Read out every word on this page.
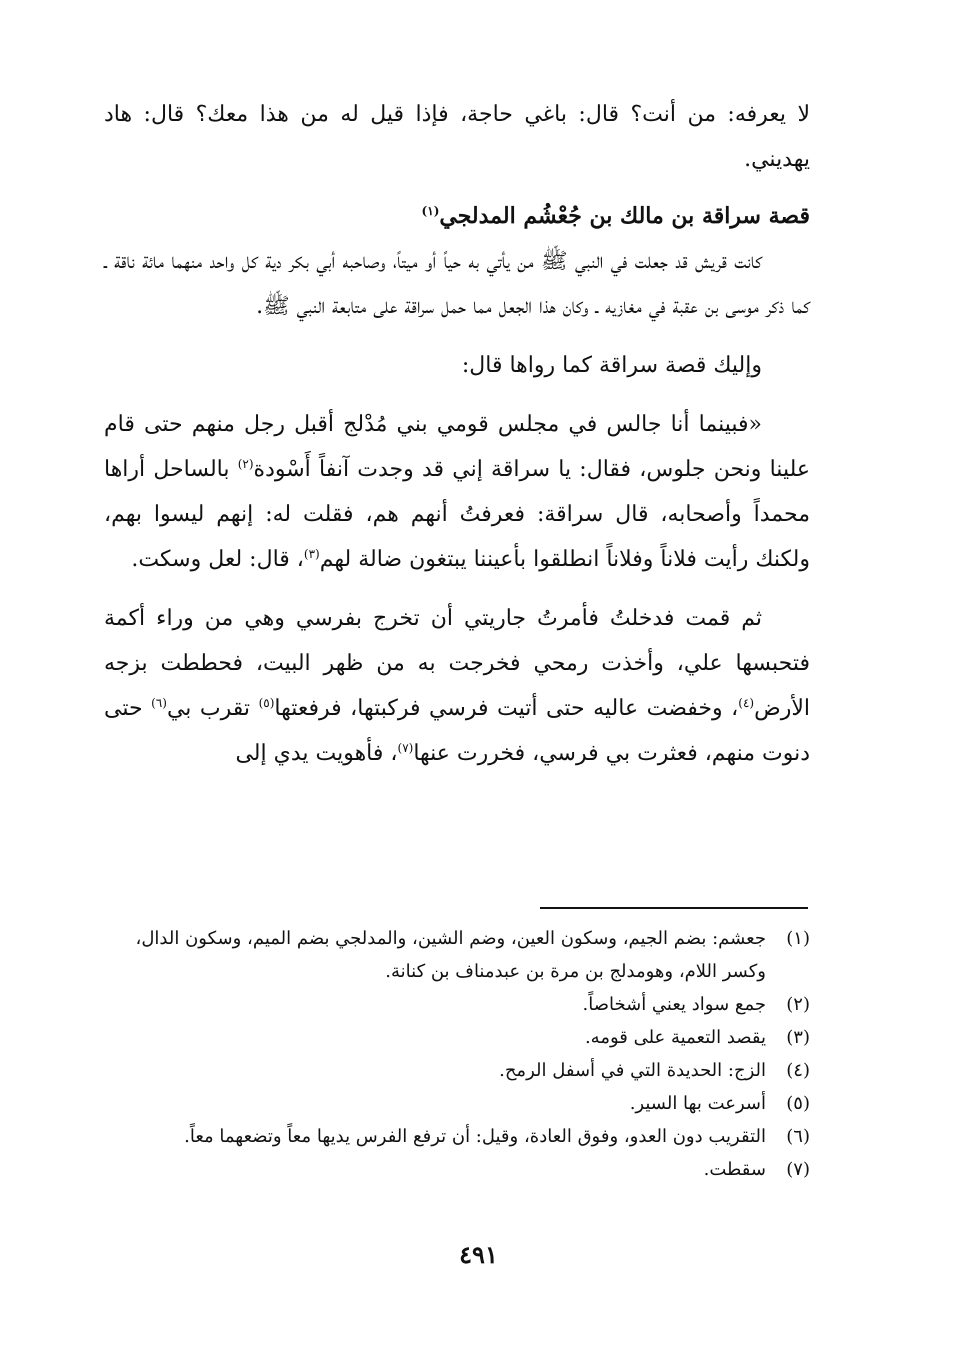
لا يعرفه: من أنت؟ قال: باغي حاجة، فإذا قيل له من هذا معك؟ قال: هاد يهديني.

قصة سراقة بن مالك بن جُعْشُم المدلجي$^{(١)}$

كانت قريش قد جعلت في النبي ﷺ من يأتي به حياً أو ميتاً، وصاحبه أبي بكر دية كل واحد منهما مائة ناقة ـ كما ذكر موسى بن عقبة في مغازيه ـ وكان هذا الجعل مما حمل سراقة على متابعة النبي ﷺ.

وإليك قصة سراقة كما رواها قال:

«فبينما أنا جالس في مجلس قومي بني مُدْلج أقبل رجل منهم حتى قام علينا ونحن جلوس، فقال: يا سراقة إني قد وجدت آنفاً أَسْودة$^{(٢)}$ بالساحل أراها محمداً وأصحابه، قال سراقة: فعرفتُ أنهم هم، فقلت له: إنهم ليسوا بهم، ولكنك رأيت فلاناً وفلاناً انطلقوا بأعيننا يبتغون ضالة لهم$^{(٣)}$، قال: لعل وسكت.

ثم قمت فدخلتُ فأمرتُ جاريتي أن تخرج بفرسي وهي من وراء أكمة فتحبسها علي، وأخذت رمحي فخرجت به من ظهر البيت، فحططت بزجه الأرض$^{(٤)}$، وخفضت عاليه حتى أتيت فرسي فركبتها، فرفعتها$^{(٥)}$ تقرب بي$^{(٦)}$ حتى دنوت منهم، فعثرت بي فرسي، فخررت عنها$^{(٧)}$، فأهويت يدي إلى

(١)
جعشم: بضم الجيم، وسكون العين، وضم الشين، والمدلجي بضم الميم، وسكون الدال، وكسر اللام، وهومدلج بن مرة بن عبدمناف بن كنانة.
(٢)
جمع سواد يعني أشخاصاً.
(٣)
يقصد التعمية على قومه.
(٤)
الزج: الحديدة التي في أسفل الرمح.
(٥)
أسرعت بها السير.
(٦)
التقريب دون العدو، وفوق العادة، وقيل: أن ترفع الفرس يديها معاً وتضعهما معاً.
(٧)
سقطت.
٤٩١
